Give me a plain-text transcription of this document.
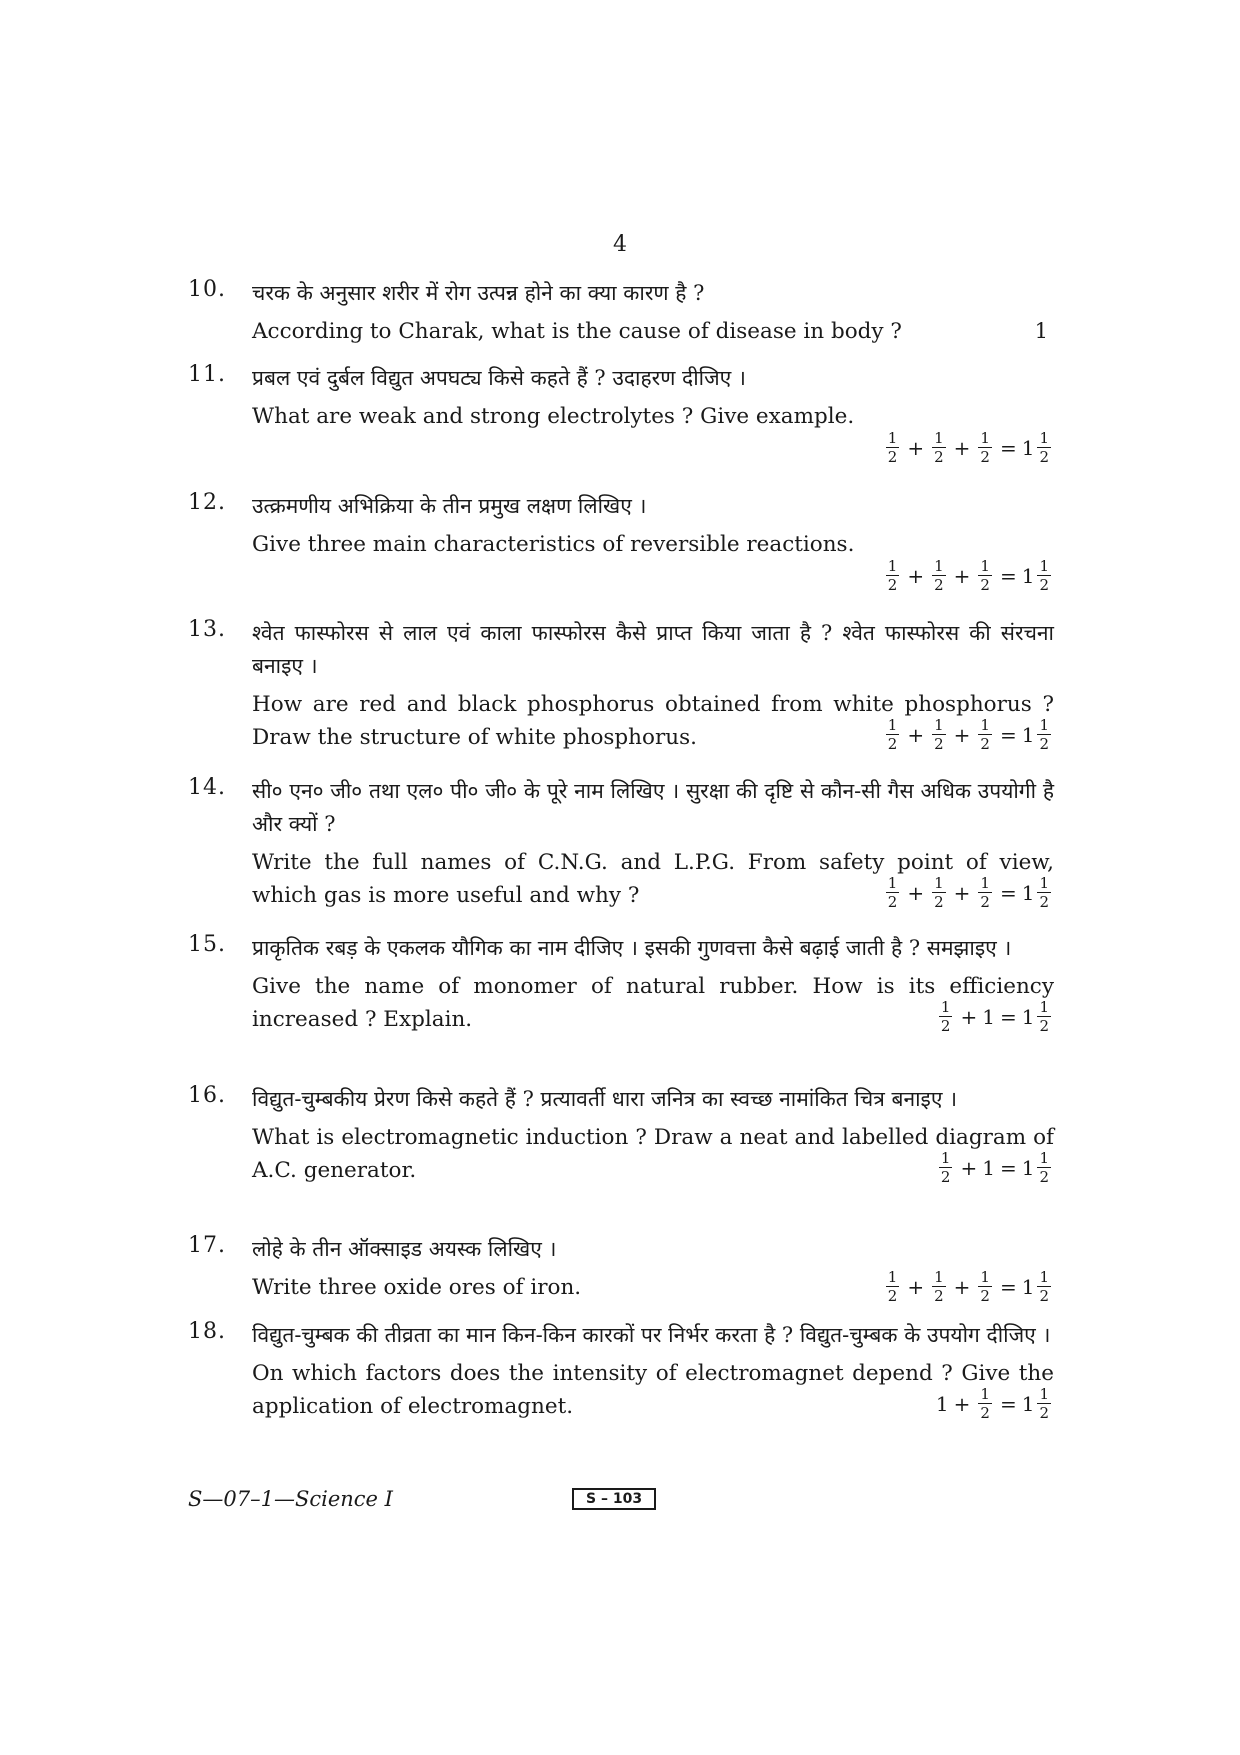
4
10. चरक के अनुसार शरीर में रोग उत्पन्न होने का क्या कारण है ?
According to Charak, what is the cause of disease in body ?	1
11. प्रबल एवं दुर्बल विद्युत अपघट्य किसे कहते हैं ? उदाहरण दीजिए ।
What are weak and strong electrolytes ? Give example.
$\frac{1}{2} + \frac{1}{2} + \frac{1}{2} = 1 \frac{1}{2}$
12. उत्क्रमणीय अभिक्रिया के तीन प्रमुख लक्षण लिखिए ।
Give three main characteristics of reversible reactions.
$\frac{1}{2} + \frac{1}{2} + \frac{1}{2} = 1 \frac{1}{2}$
13. श्वेत फास्फोरस से लाल एवं काला फास्फोरस कैसे प्राप्त किया जाता है ? श्वेत फास्फोरस की संरचना बनाइए ।
How are red and black phosphorus obtained from white phosphorus ? Draw the structure of white phosphorus.	$\frac{1}{2} + \frac{1}{2} + \frac{1}{2} = 1 \frac{1}{2}$
14. सी० एन० जी० तथा एल० पी० जी० के पूरे नाम लिखिए । सुरक्षा की दृष्टि से कौन-सी गैस अधिक उपयोगी है और क्यों ?
Write the full names of C.N.G. and L.P.G. From safety point of view, which gas is more useful and why ?	$\frac{1}{2} + \frac{1}{2} + \frac{1}{2} = 1 \frac{1}{2}$
15. प्राकृतिक रबड़ के एकलक यौगिक का नाम दीजिए । इसकी गुणवत्ता कैसे बढ़ाई जाती है ? समझाइए ।
Give the name of monomer of natural rubber. How is its efficiency increased ? Explain.	$\frac{1}{2} + 1 = 1 \frac{1}{2}$
16. विद्युत-चुम्बकीय प्रेरण किसे कहते हैं ? प्रत्यावर्ती धारा जनित्र का स्वच्छ नामांकित चित्र बनाइए ।
What is electromagnetic induction ? Draw a neat and labelled diagram of A.C. generator.	$\frac{1}{2} + 1 = 1 \frac{1}{2}$
17. लोहे के तीन ऑक्साइड अयस्क लिखिए ।
Write three oxide ores of iron.	$\frac{1}{2} + \frac{1}{2} + \frac{1}{2} = 1 \frac{1}{2}$
18. विद्युत-चुम्बक की तीव्रता का मान किन-किन कारकों पर निर्भर करता है ? विद्युत-चुम्बक के उपयोग दीजिए ।
On which factors does the intensity of electromagnet depend ? Give the application of electromagnet.	$1 + \frac{1}{2} = 1 \frac{1}{2}$
S—07–1—Science I	S – 103
